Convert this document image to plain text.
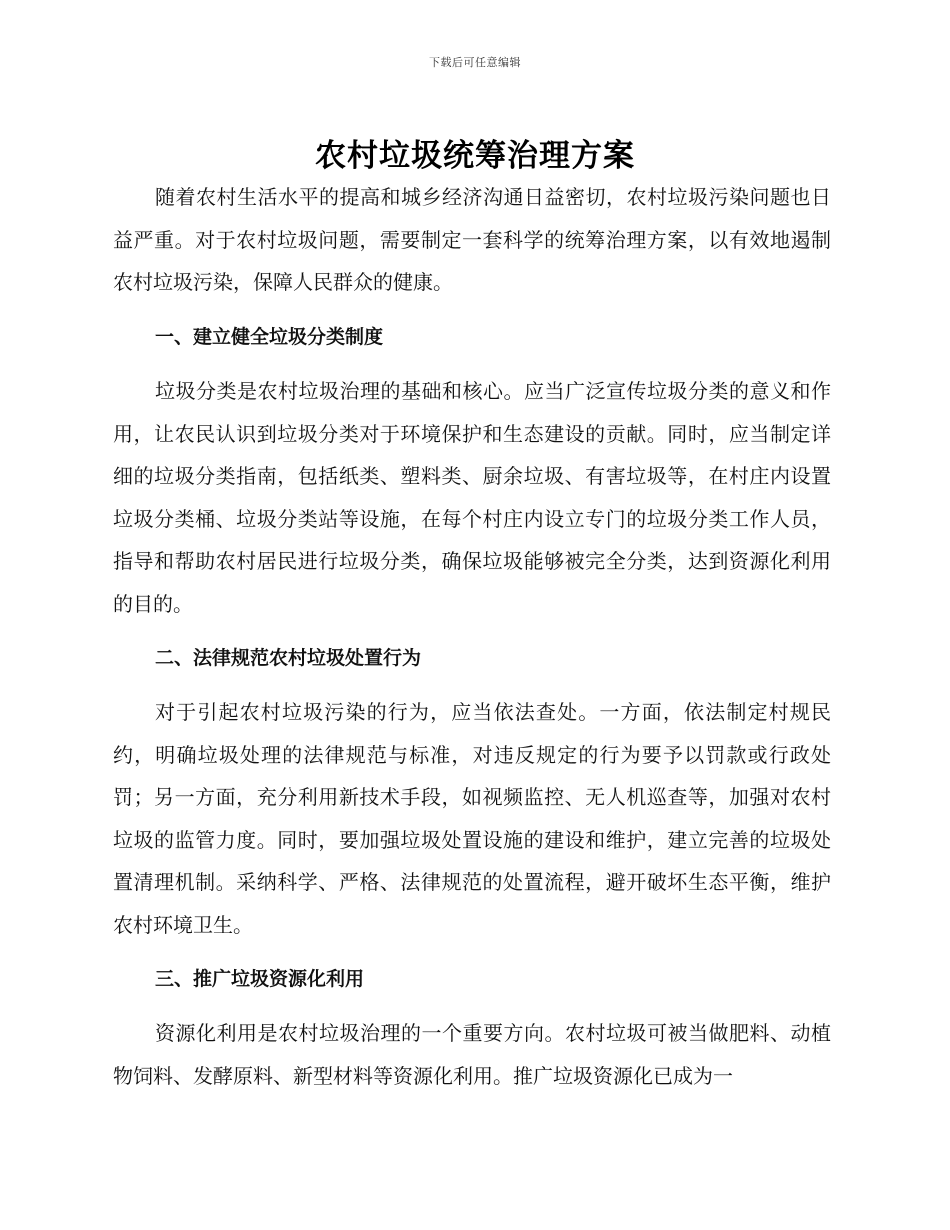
下载后可任意编辑
农村垃圾统筹治理方案

随着农村生活水平的提高和城乡经济沟通日益密切，农村垃圾污染问题也日益严重。对于农村垃圾问题，需要制定一套科学的统筹治理方案，以有效地遏制农村垃圾污染，保障人民群众的健康。

一、建立健全垃圾分类制度

垃圾分类是农村垃圾治理的基础和核心。应当广泛宣传垃圾分类的意义和作用，让农民认识到垃圾分类对于环境保护和生态建设的贡献。同时，应当制定详细的垃圾分类指南，包括纸类、塑料类、厨余垃圾、有害垃圾等，在村庄内设置垃圾分类桶、垃圾分类站等设施，在每个村庄内设立专门的垃圾分类工作人员，指导和帮助农村居民进行垃圾分类，确保垃圾能够被完全分类，达到资源化利用的目的。

二、法律规范农村垃圾处置行为

对于引起农村垃圾污染的行为，应当依法查处。一方面，依法制定村规民约，明确垃圾处理的法律规范与标准，对违反规定的行为要予以罚款或行政处罚；另一方面，充分利用新技术手段，如视频监控、无人机巡查等，加强对农村垃圾的监管力度。同时，要加强垃圾处置设施的建设和维护，建立完善的垃圾处置清理机制。采纳科学、严格、法律规范的处置流程，避开破坏生态平衡，维护农村环境卫生。

三、推广垃圾资源化利用

资源化利用是农村垃圾治理的一个重要方向。农村垃圾可被当做肥料、动植物饲料、发酵原料、新型材料等资源化利用。推广垃圾资源化已成为一
